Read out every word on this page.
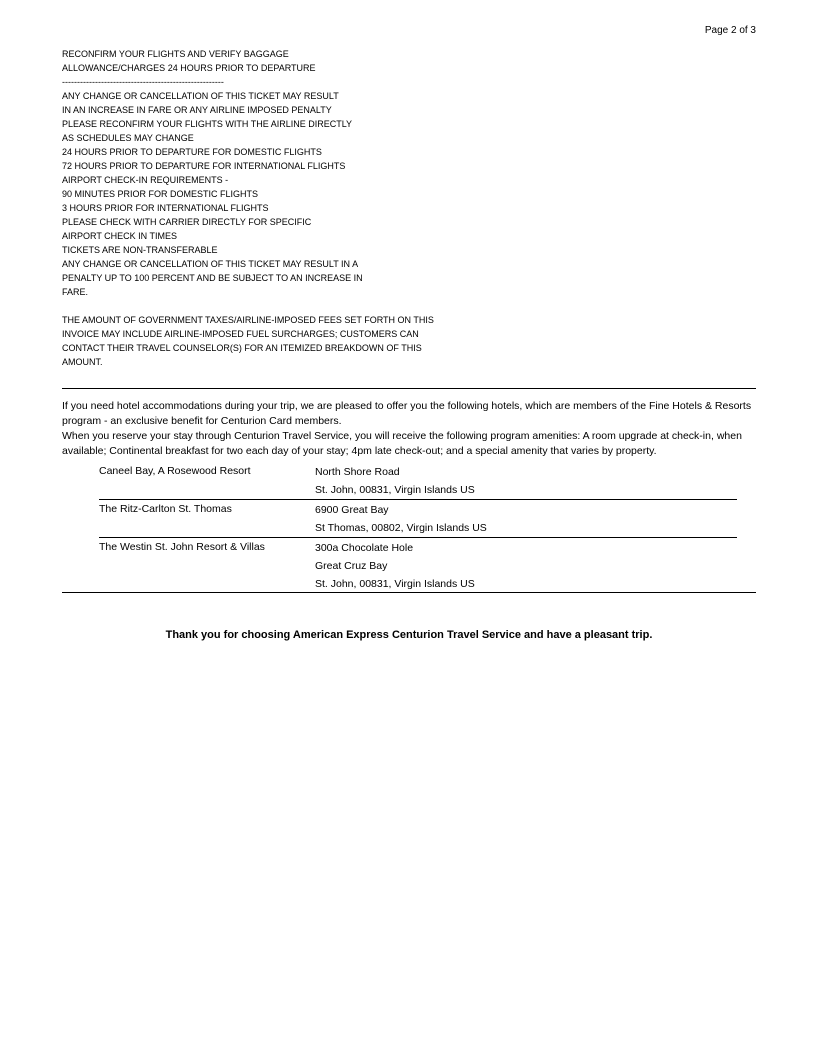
Page 2 of 3
RECONFIRM YOUR FLIGHTS AND VERIFY BAGGAGE
ALLOWANCE/CHARGES 24 HOURS PRIOR TO DEPARTURE
------------------------------------------------------
ANY CHANGE OR CANCELLATION OF THIS TICKET MAY RESULT
IN AN INCREASE IN FARE OR ANY AIRLINE IMPOSED PENALTY
PLEASE RECONFIRM YOUR FLIGHTS WITH THE AIRLINE DIRECTLY
AS SCHEDULES MAY CHANGE
24 HOURS PRIOR TO DEPARTURE FOR DOMESTIC FLIGHTS
72 HOURS PRIOR TO DEPARTURE FOR INTERNATIONAL FLIGHTS
AIRPORT CHECK-IN REQUIREMENTS -
90 MINUTES PRIOR FOR DOMESTIC FLIGHTS
3 HOURS PRIOR FOR INTERNATIONAL FLIGHTS
PLEASE CHECK WITH CARRIER DIRECTLY FOR SPECIFIC
AIRPORT CHECK IN TIMES
TICKETS ARE NON-TRANSFERABLE
ANY CHANGE OR CANCELLATION OF THIS TICKET MAY RESULT IN A
PENALTY UP TO 100 PERCENT AND BE SUBJECT TO AN INCREASE IN
FARE.
THE AMOUNT OF GOVERNMENT TAXES/AIRLINE-IMPOSED FEES SET FORTH ON THIS
INVOICE MAY INCLUDE AIRLINE-IMPOSED FUEL SURCHARGES; CUSTOMERS CAN
CONTACT THEIR TRAVEL COUNSELOR(S) FOR AN ITEMIZED BREAKDOWN OF THIS
AMOUNT.

If you need hotel accommodations during your trip, we are pleased to offer you the following hotels, which are members of the Fine Hotels & Resorts program - an exclusive benefit for Centurion Card members.

When you reserve your stay through Centurion Travel Service, you will receive the following program amenities: A room upgrade at check-in, when available; Continental breakfast for two each day of your stay; 4pm late check-out; and a special amenity that varies by property.

Caneel Bay, A Rosewood Resort	North Shore Road
St. John, 00831, Virgin Islands US
The Ritz-Carlton St. Thomas	6900 Great Bay
St Thomas, 00802, Virgin Islands US
The Westin St. John Resort & Villas	300a Chocolate Hole
Great Cruz Bay
St. John, 00831, Virgin Islands US
Thank you for choosing American Express Centurion Travel Service and have a pleasant trip.
